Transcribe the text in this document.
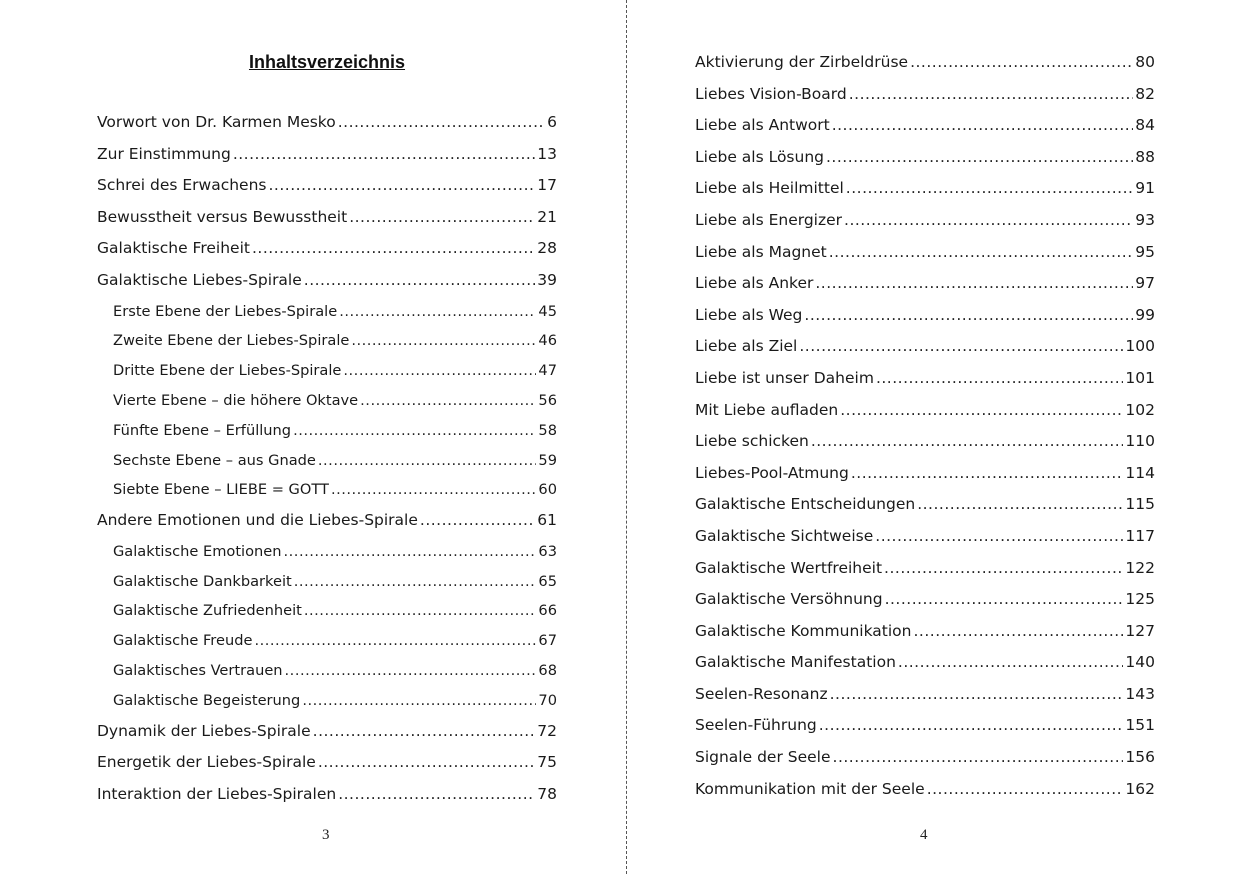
Inhaltsverzeichnis
Vorwort von Dr. Karmen Mesko .....	6
Zur Einstimmung .....	13
Schrei des Erwachens .....	17
Bewusstheit versus Bewusstheit .....	21
Galaktische Freiheit .....	28
Galaktische Liebes-Spirale .....	39
Erste Ebene der Liebes-Spirale .....	45
Zweite Ebene der Liebes-Spirale .....	46
Dritte Ebene der Liebes-Spirale .....	47
Vierte Ebene – die höhere Oktave .....	56
Fünfte Ebene – Erfüllung .....	58
Sechste Ebene – aus Gnade .....	59
Siebte Ebene – LIEBE = GOTT .....	60
Andere Emotionen und die Liebes-Spirale .....	61
Galaktische Emotionen .....	63
Galaktische Dankbarkeit .....	65
Galaktische Zufriedenheit .....	66
Galaktische Freude .....	67
Galaktisches Vertrauen .....	68
Galaktische Begeisterung .....	70
Dynamik der Liebes-Spirale .....	72
Energetik der Liebes-Spirale .....	75
Interaktion der Liebes-Spiralen .....	78
3
Aktivierung der Zirbeldrüse .....	80
Liebes Vision-Board .....	82
Liebe als Antwort .....	84
Liebe als Lösung .....	88
Liebe als Heilmittel .....	91
Liebe als Energizer .....	93
Liebe als Magnet .....	95
Liebe als Anker .....	97
Liebe als Weg .....	99
Liebe als Ziel .....	100
Liebe ist unser Daheim .....	101
Mit Liebe aufladen .....	102
Liebe schicken .....	110
Liebes-Pool-Atmung .....	114
Galaktische Entscheidungen .....	115
Galaktische Sichtweise .....	117
Galaktische Wertfreiheit .....	122
Galaktische Versöhnung .....	125
Galaktische Kommunikation .....	127
Galaktische Manifestation .....	140
Seelen-Resonanz .....	143
Seelen-Führung .....	151
Signale der Seele .....	156
Kommunikation mit der Seele .....	162
4
